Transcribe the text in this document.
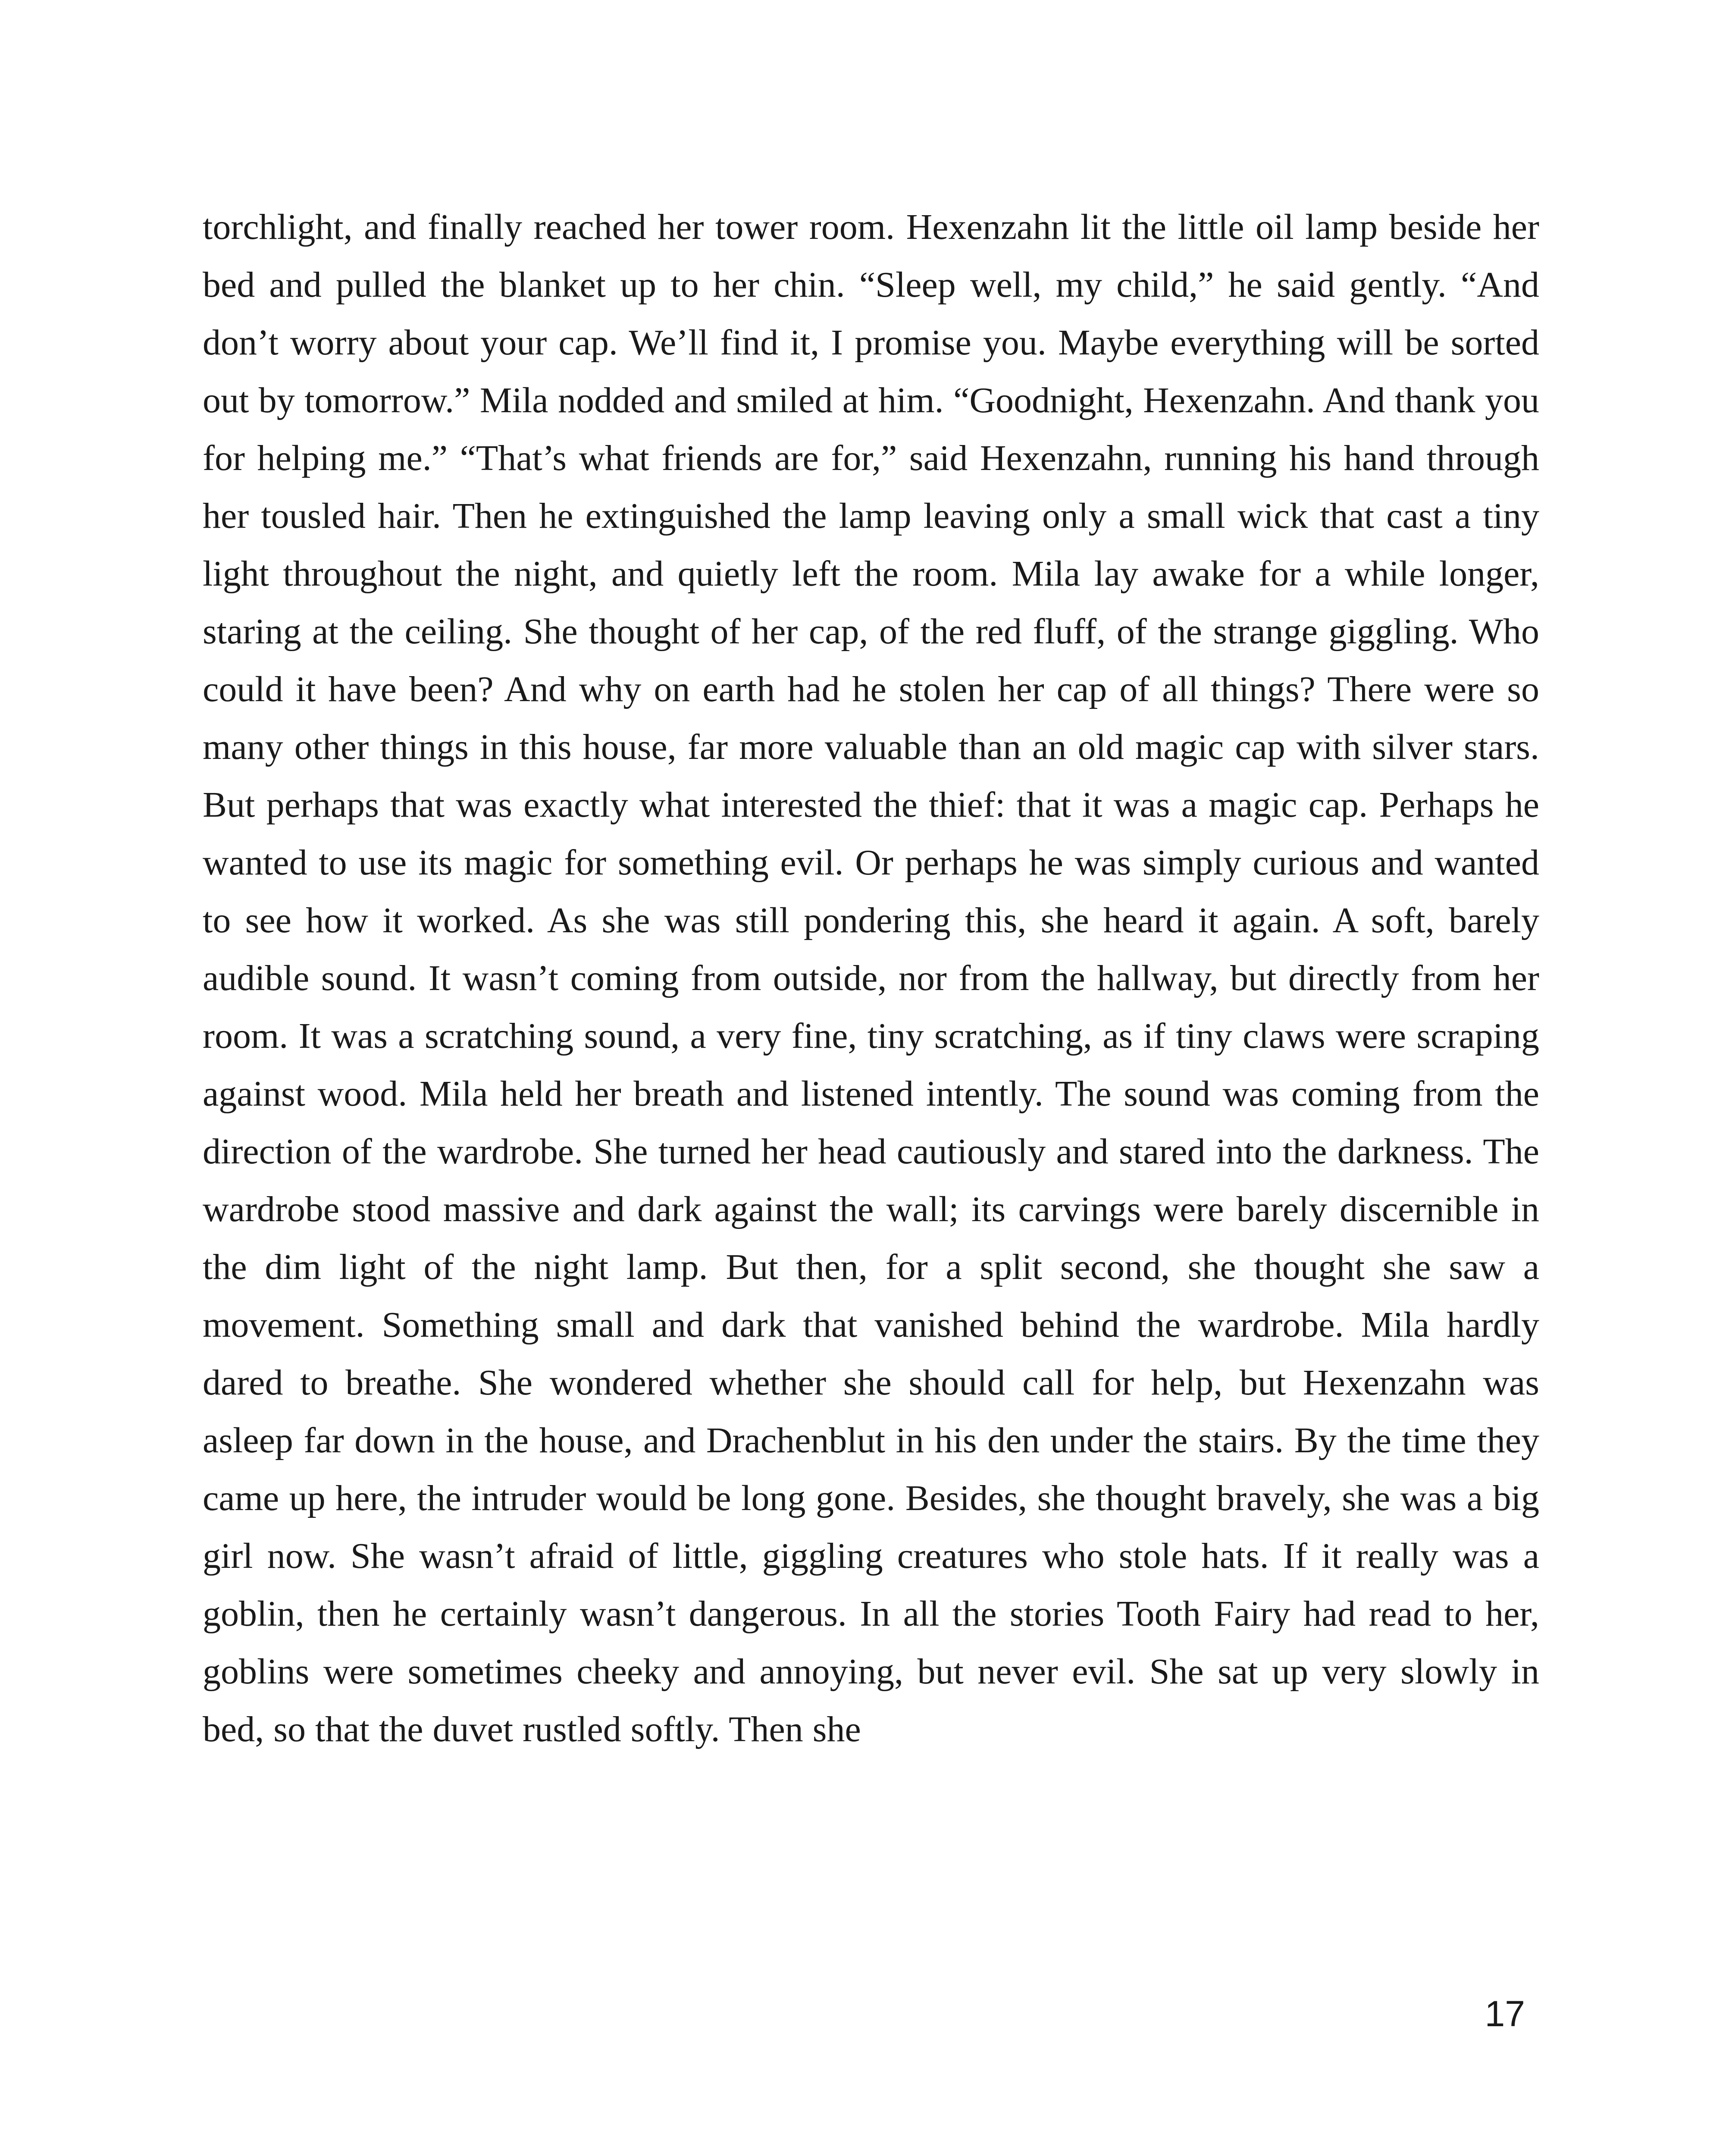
torchlight, and finally reached her tower room. Hexenzahn lit the little oil lamp beside her bed and pulled the blanket up to her chin. “Sleep well, my child,” he said gently. “And don’t worry about your cap. We’ll find it, I promise you. Maybe everything will be sorted out by tomorrow.” Mila nodded and smiled at him. “Goodnight, Hexenzahn. And thank you for helping me.” “That’s what friends are for,” said Hexenzahn, running his hand through her tousled hair. Then he extinguished the lamp leaving only a small wick that cast a tiny light throughout the night, and quietly left the room. Mila lay awake for a while longer, staring at the ceiling. She thought of her cap, of the red fluff, of the strange giggling. Who could it have been? And why on earth had he stolen her cap of all things? There were so many other things in this house, far more valuable than an old magic cap with silver stars. But perhaps that was exactly what interested the thief: that it was a magic cap. Perhaps he wanted to use its magic for something evil. Or perhaps he was simply curious and wanted to see how it worked. As she was still pondering this, she heard it again. A soft, barely audible sound. It wasn’t coming from outside, nor from the hallway, but directly from her room. It was a scratching sound, a very fine, tiny scratching, as if tiny claws were scraping against wood. Mila held her breath and listened intently. The sound was coming from the direction of the wardrobe. She turned her head cautiously and stared into the darkness. The wardrobe stood massive and dark against the wall; its carvings were barely discernible in the dim light of the night lamp. But then, for a split second, she thought she saw a movement. Something small and dark that vanished behind the wardrobe. Mila hardly dared to breathe. She wondered whether she should call for help, but Hexenzahn was asleep far down in the house, and Drachenblut in his den under the stairs. By the time they came up here, the intruder would be long gone. Besides, she thought bravely, she was a big girl now. She wasn’t afraid of little, giggling creatures who stole hats. If it really was a goblin, then he certainly wasn’t dangerous. In all the stories Tooth Fairy had read to her, goblins were sometimes cheeky and annoying, but never evil. She sat up very slowly in bed, so that the duvet rustled softly. Then she

17
